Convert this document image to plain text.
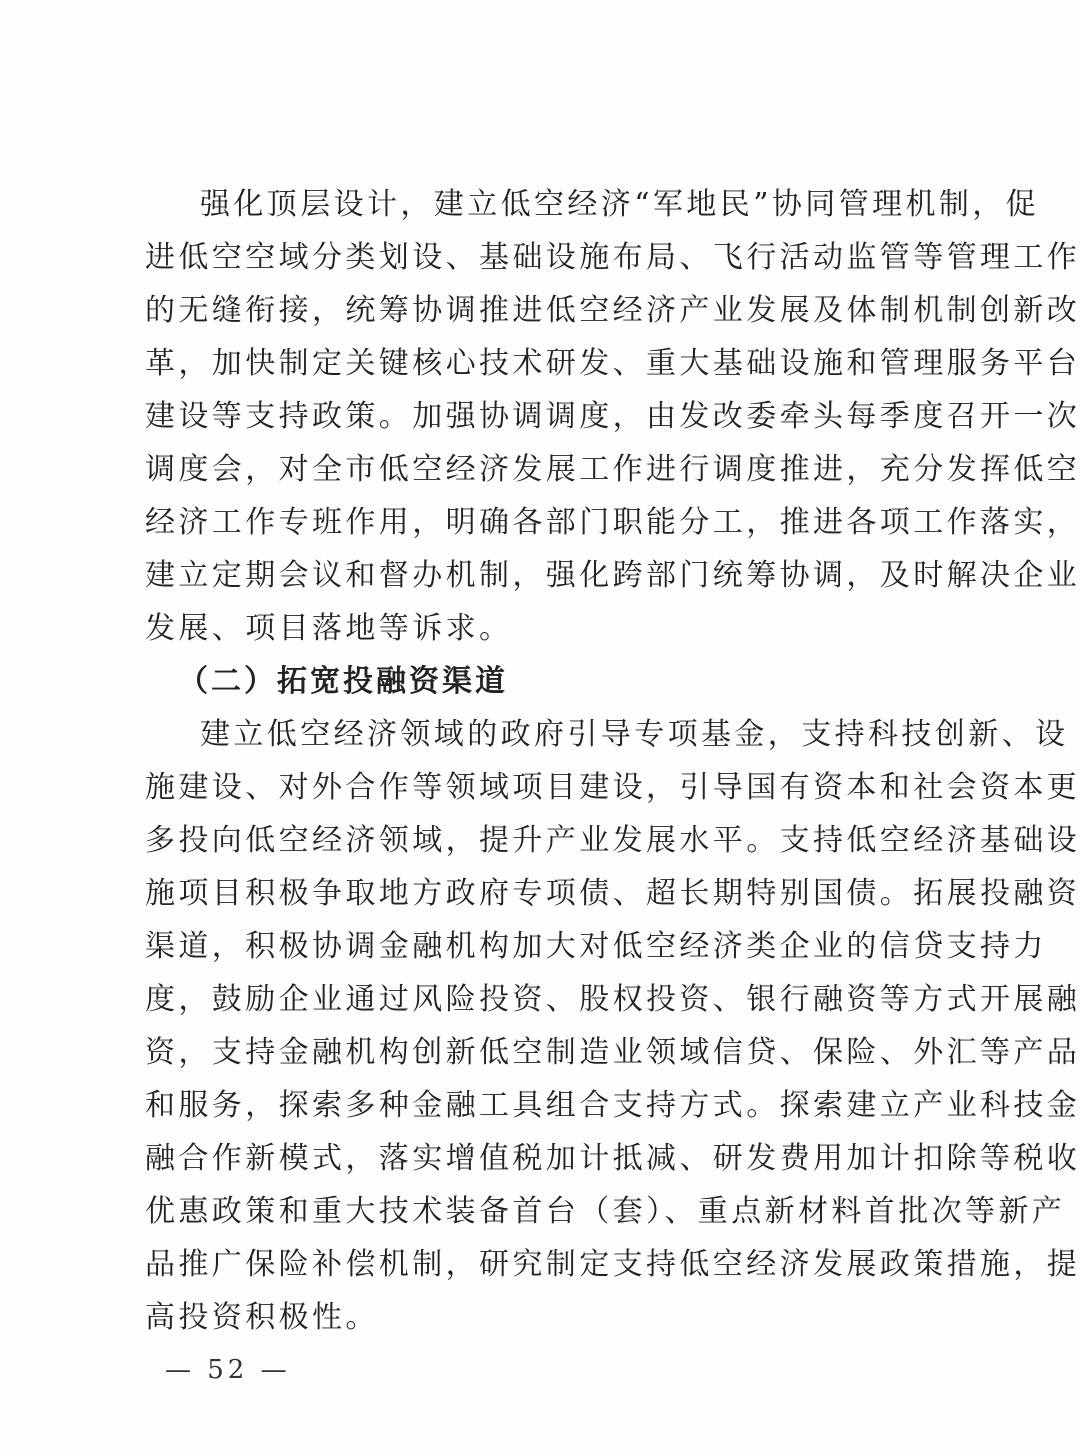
强化顶层设计，建立低空经济“军地民”协同管理机制，促
进低空空域分类划设、基础设施布局、飞行活动监管等管理工作
的无缝衔接，统筹协调推进低空经济产业发展及体制机制创新改
革，加快制定关键核心技术研发、重大基础设施和管理服务平台
建设等支持政策。加强协调调度，由发改委牵头每季度召开一次
调度会，对全市低空经济发展工作进行调度推进，充分发挥低空
经济工作专班作用，明确各部门职能分工，推进各项工作落实，
建立定期会议和督办机制，强化跨部门统筹协调，及时解决企业
发展、项目落地等诉求。
（二）拓宽投融资渠道
建立低空经济领域的政府引导专项基金，支持科技创新、设
施建设、对外合作等领域项目建设，引导国有资本和社会资本更
多投向低空经济领域，提升产业发展水平。支持低空经济基础设
施项目积极争取地方政府专项债、超长期特别国债。拓展投融资
渠道，积极协调金融机构加大对低空经济类企业的信贷支持力
度，鼓励企业通过风险投资、股权投资、银行融资等方式开展融
资，支持金融机构创新低空制造业领域信贷、保险、外汇等产品
和服务，探索多种金融工具组合支持方式。探索建立产业科技金
融合作新模式，落实增值税加计抵减、研发费用加计扣除等税收
优惠政策和重大技术装备首台（套）、重点新材料首批次等新产
品推广保险补偿机制，研究制定支持低空经济发展政策措施，提
高投资积极性。
— 52 —
